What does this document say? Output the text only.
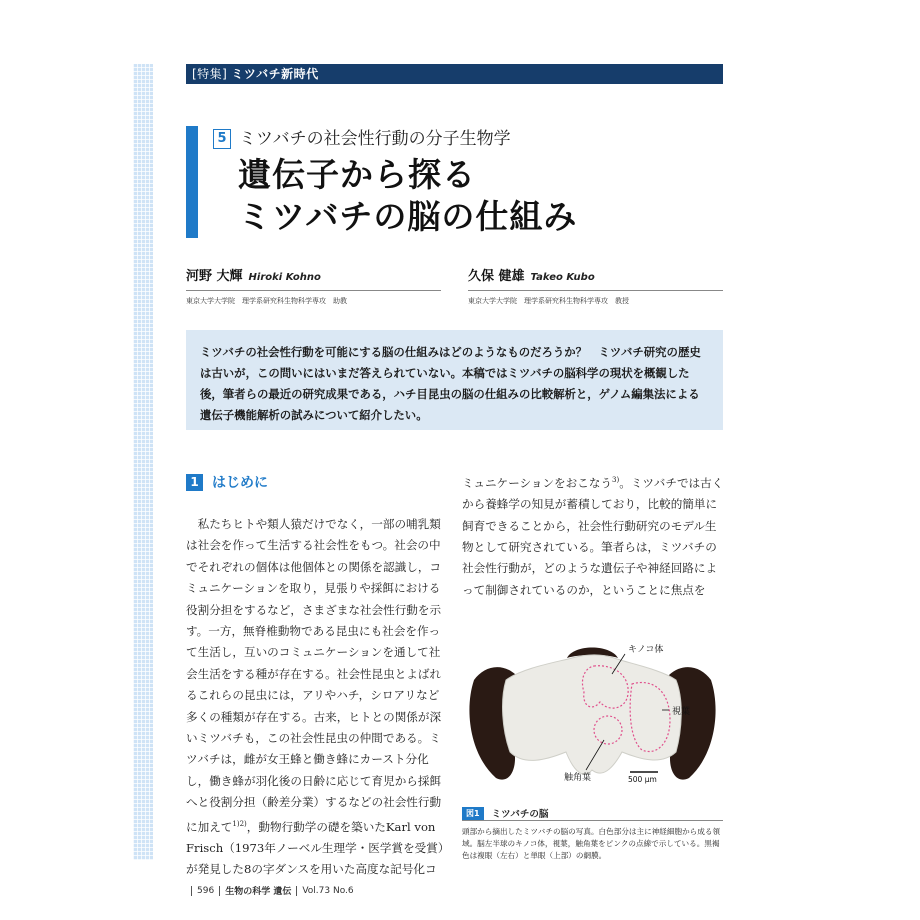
[特集] ミツバチ新時代
5 ミツバチの社会性行動の分子生物学
遺伝子から探る
ミツバチの脳の仕組み
河野 大輝 Hiroki Kohno
東京大学大学院　理学系研究科生物科学専攻　助教
久保 健雄 Takeo Kubo
東京大学大学院　理学系研究科生物科学専攻　教授
ミツバチの社会性行動を可能にする脳の仕組みはどのようなものだろうか？　ミツバチ研究の歴史は古いが，この問いにはいまだ答えられていない。本稿ではミツバチの脳科学の現状を概観した後，筆者らの最近の研究成果である，ハチ目昆虫の脳の仕組みの比較解析と，ゲノム編集法による遺伝子機能解析の試みについて紹介したい。
1 はじめに

私たちヒトや類人猿だけでなく，一部の哺乳類は社会を作って生活する社会性をもつ。社会の中でそれぞれの個体は他個体との関係を認識し，コミュニケーションを取り，見張りや採餌における役割分担をするなど，さまざまな社会性行動を示す。一方，無脊椎動物である昆虫にも社会を作って生活し，互いのコミュニケーションを通して社会生活をする種が存在する。社会性昆虫とよばれるこれらの昆虫には，アリやハチ，シロアリなど多くの種類が存在する。古来，ヒトとの関係が深いミツバチも，この社会性昆虫の仲間である。ミツバチは，雌が女王蜂と働き蜂にカースト分化し，働き蜂が羽化後の日齢に応じて育児から採餌へと役割分担（齢差分業）するなどの社会性行動に加えて$^{1)2)}$，動物行動学の礎を築いたKarl von Frisch（1973年ノーベル生理学・医学賞を受賞）が発見した8の字ダンスを用いた高度な記号化コ

ミュニケーションをおこなう$^{3)}$。ミツバチでは古くから養蜂学の知見が蓄積しており，比較的簡単に飼育できることから，社会性行動研究のモデル生物として研究されている。筆者らは，ミツバチの社会性行動が，どのような遺伝子や神経回路によって制御されているのか，ということに焦点を

キノコ体
視葉
触角葉	500 µm
図1	ミツバチの脳
頭部から摘出したミツバチの脳の写真。白色部分は主に神経細胞から成る領域。脳左半球のキノコ体，視葉，触角葉をピンクの点線で示している。黒褐色は複眼（左右）と単眼（上部）の網膜。
596 生物の科学 遺伝 Vol.73 No.6
